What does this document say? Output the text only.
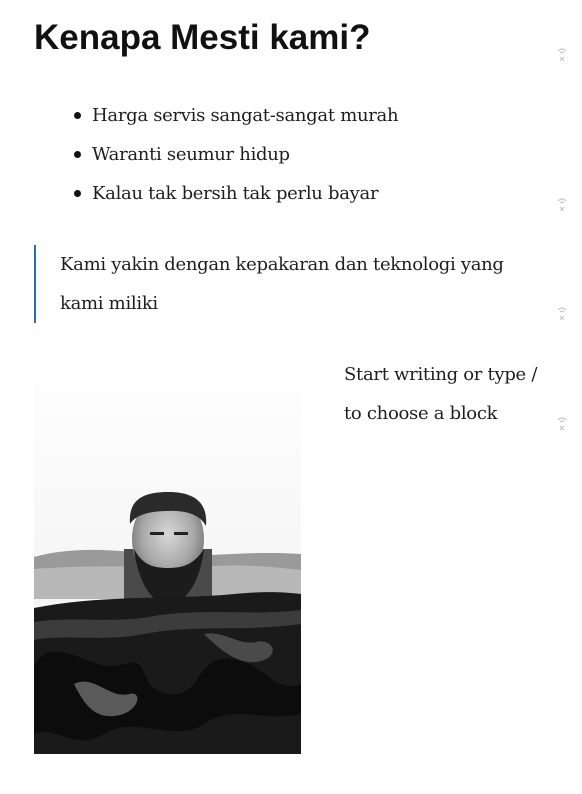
Kenapa Mesti kami?
Harga servis sangat-sangat murah
Waranti seumur hidup
Kalau tak bersih tak perlu bayar
Kami yakin dengan kepakaran dan teknologi yang kami miliki
Start writing or type / to choose a block
